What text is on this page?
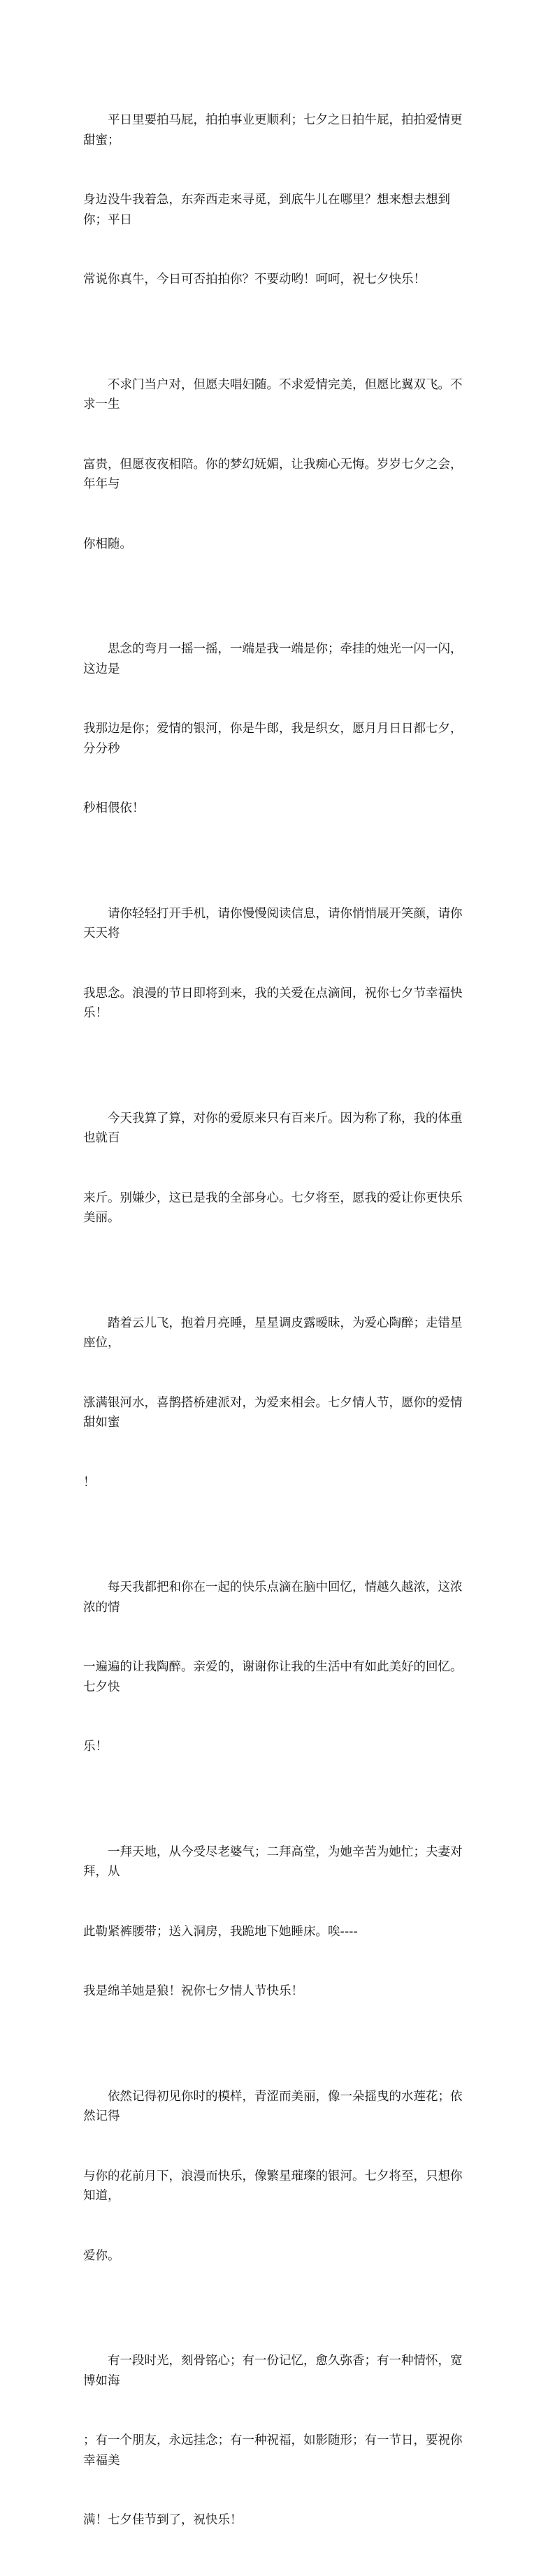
平日里要拍马屁，拍拍事业更顺利；七夕之日拍牛屁，拍拍爱情更甜蜜；

身边没牛我着急，东奔西走来寻觅，到底牛儿在哪里？想来想去想到你；平日

常说你真牛，今日可否拍拍你？不要动哟！呵呵，祝七夕快乐！

不求门当户对，但愿夫唱妇随。不求爱情完美，但愿比翼双飞。不求一生

富贵，但愿夜夜相陪。你的梦幻妩媚，让我痴心无悔。岁岁七夕之会，年年与

你相随。

思念的弯月一摇一摇，一端是我一端是你；牵挂的烛光一闪一闪，这边是

我那边是你；爱情的银河，你是牛郎，我是织女，愿月月日日都七夕，分分秒

秒相偎依！

请你轻轻打开手机，请你慢慢阅读信息，请你悄悄展开笑颜，请你天天将

我思念。浪漫的节日即将到来，我的关爱在点滴间，祝你七夕节幸福快乐！

今天我算了算，对你的爱原来只有百来斤。因为称了称，我的体重也就百

来斤。别嫌少，这已是我的全部身心。七夕将至，愿我的爱让你更快乐美丽。

踏着云儿飞，抱着月亮睡，星星调皮露暧昧，为爱心陶醉；走错星座位，

涨满银河水，喜鹊搭桥建派对，为爱来相会。七夕情人节，愿你的爱情甜如蜜

！

每天我都把和你在一起的快乐点滴在脑中回忆，情越久越浓，这浓浓的情

一遍遍的让我陶醉。亲爱的，谢谢你让我的生活中有如此美好的回忆。七夕快

乐！

一拜天地，从今受尽老婆气；二拜高堂，为她辛苦为她忙；夫妻对拜，从

此勒紧裤腰带；送入洞房，我跪地下她睡床。唉----

我是绵羊她是狼！祝你七夕情人节快乐！

依然记得初见你时的模样，青涩而美丽，像一朵摇曳的水莲花；依然记得

与你的花前月下，浪漫而快乐，像繁星璀璨的银河。七夕将至，只想你知道，

爱你。

有一段时光，刻骨铭心；有一份记忆，愈久弥香；有一种情怀，宽博如海

；有一个朋友，永远挂念；有一种祝福，如影随形；有一节日，要祝你幸福美

满！七夕佳节到了，祝快乐！
